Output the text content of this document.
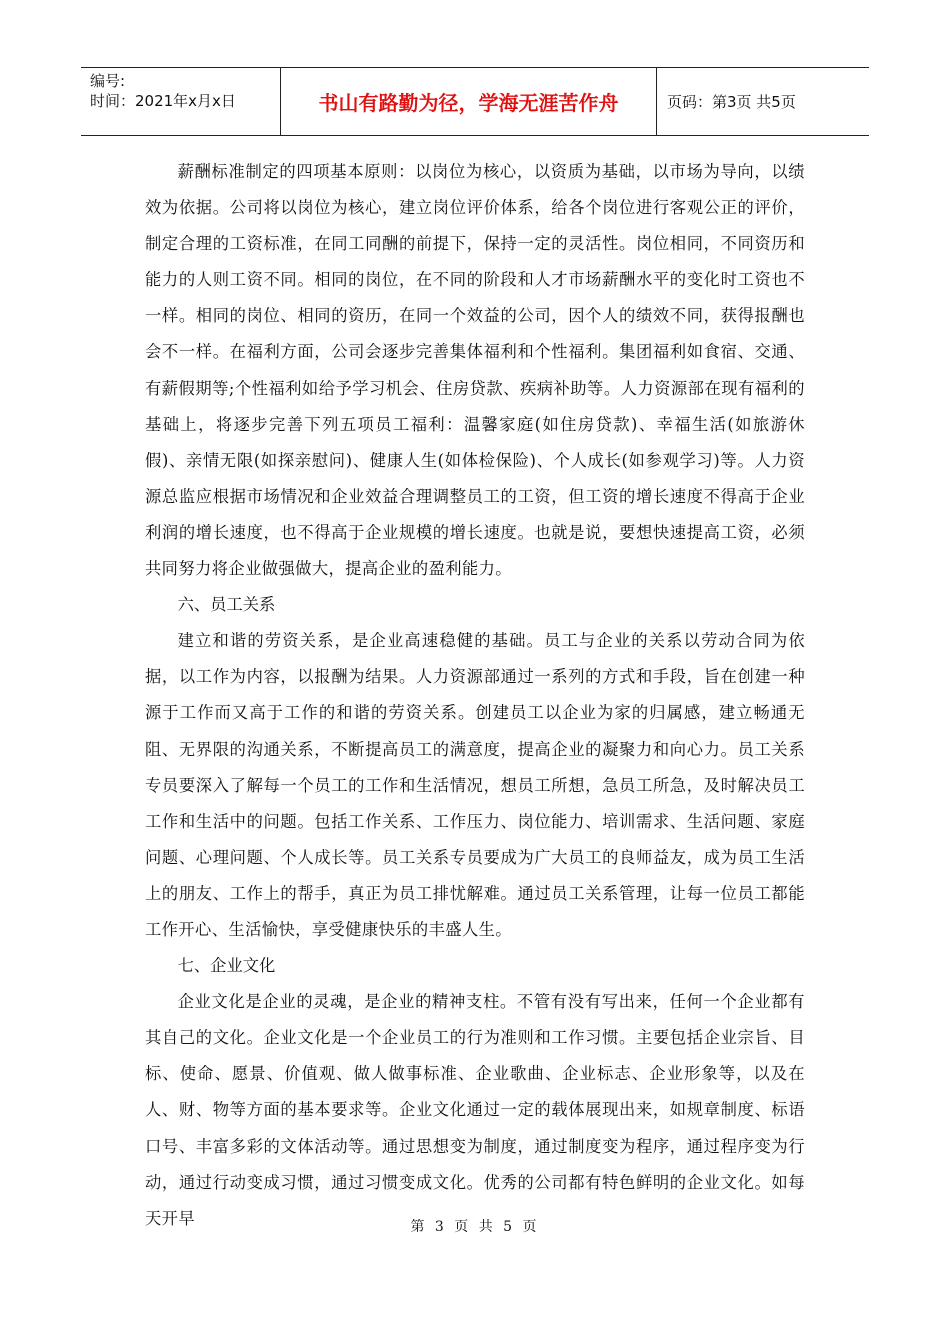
编号:
时间：2021年x月x日	书山有路勤为径，学海无涯苦作舟	页码：第3页 共5页

薪酬标准制定的四项基本原则：以岗位为核心，以资质为基础，以市场为导向，以绩效为依据。公司将以岗位为核心，建立岗位评价体系，给各个岗位进行客观公正的评价，制定合理的工资标准，在同工同酬的前提下，保持一定的灵活性。岗位相同，不同资历和能力的人则工资不同。相同的岗位，在不同的阶段和人才市场薪酬水平的变化时工资也不一样。相同的岗位、相同的资历，在同一个效益的公司，因个人的绩效不同，获得报酬也会不一样。在福利方面，公司会逐步完善集体福利和个性福利。集团福利如食宿、交通、有薪假期等;个性福利如给予学习机会、住房贷款、疾病补助等。人力资源部在现有福利的基础上，将逐步完善下列五项员工福利：温馨家庭(如住房贷款)、幸福生活(如旅游休假)、亲情无限(如探亲慰问)、健康人生(如体检保险)、个人成长(如参观学习)等。人力资源总监应根据市场情况和企业效益合理调整员工的工资，但工资的增长速度不得高于企业利润的增长速度，也不得高于企业规模的增长速度。也就是说，要想快速提高工资，必须共同努力将企业做强做大，提高企业的盈利能力。

六、员工关系

建立和谐的劳资关系，是企业高速稳健的基础。员工与企业的关系以劳动合同为依据，以工作为内容，以报酬为结果。人力资源部通过一系列的方式和手段，旨在创建一种源于工作而又高于工作的和谐的劳资关系。创建员工以企业为家的归属感，建立畅通无阻、无界限的沟通关系，不断提高员工的满意度，提高企业的凝聚力和向心力。员工关系专员要深入了解每一个员工的工作和生活情况，想员工所想，急员工所急，及时解决员工工作和生活中的问题。包括工作关系、工作压力、岗位能力、培训需求、生活问题、家庭问题、心理问题、个人成长等。员工关系专员要成为广大员工的良师益友，成为员工生活上的朋友、工作上的帮手，真正为员工排忧解难。通过员工关系管理，让每一位员工都能工作开心、生活愉快，享受健康快乐的丰盛人生。

七、企业文化

企业文化是企业的灵魂，是企业的精神支柱。不管有没有写出来，任何一个企业都有其自己的文化。企业文化是一个企业员工的行为准则和工作习惯。主要包括企业宗旨、目标、使命、愿景、价值观、做人做事标准、企业歌曲、企业标志、企业形象等，以及在人、财、物等方面的基本要求等。企业文化通过一定的载体展现出来，如规章制度、标语口号、丰富多彩的文体活动等。通过思想变为制度，通过制度变为程序，通过程序变为行动，通过行动变成习惯，通过习惯变成文化。优秀的公司都有特色鲜明的企业文化。如每天开早	第 3 页 共 5 页
